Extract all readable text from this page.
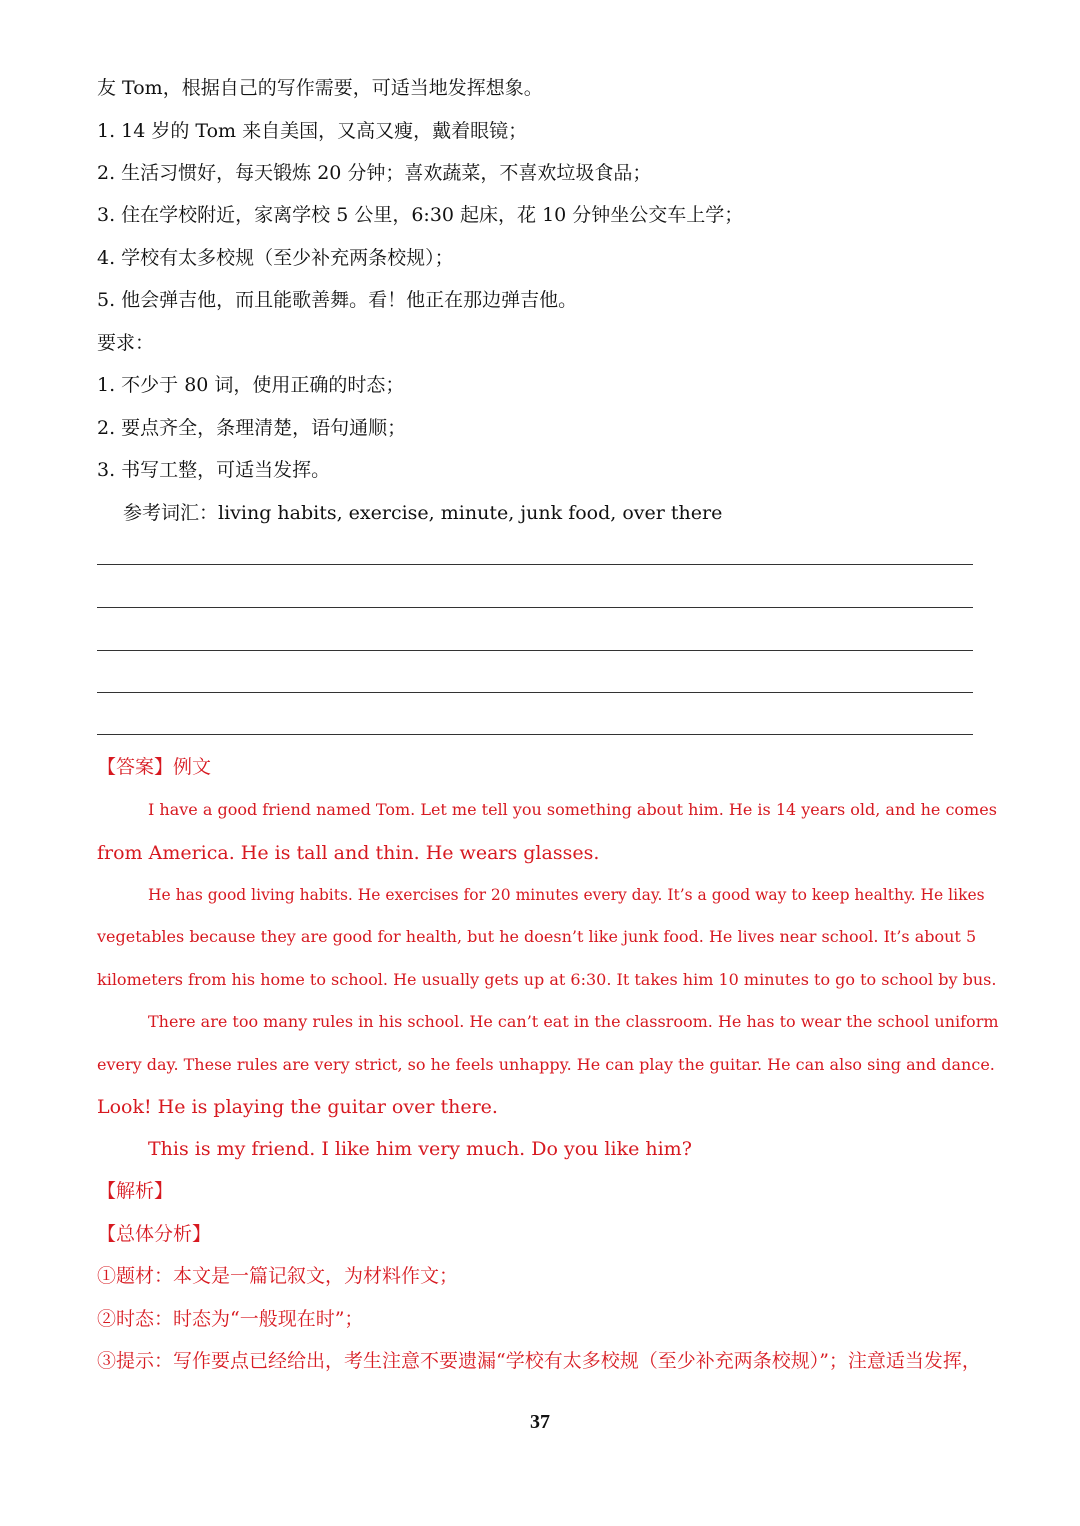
友 Tom，根据自己的写作需要，可适当地发挥想象。
1. 14 岁的 Tom 来自美国，又高又瘦，戴着眼镜；
2. 生活习惯好，每天锻炼 20 分钟；喜欢蔬菜，不喜欢垃圾食品；
3. 住在学校附近，家离学校 5 公里，6:30 起床，花 10 分钟坐公交车上学；
4. 学校有太多校规（至少补充两条校规）；
5. 他会弹吉他，而且能歌善舞。看！他正在那边弹吉他。
要求：
1. 不少于 80 词，使用正确的时态；
2. 要点齐全，条理清楚，语句通顺；
3. 书写工整，可适当发挥。
参考词汇：living habits, exercise, minute, junk food, over there
【答案】例文
I have a good friend named Tom. Let me tell you something about him. He is 14 years old, and he comes
from America. He is tall and thin. He wears glasses.
He has good living habits. He exercises for 20 minutes every day. It’s a good way to keep healthy. He likes
vegetables because they are good for health, but he doesn’t like junk food. He lives near school. It’s about 5
kilometers from his home to school. He usually gets up at 6:30. It takes him 10 minutes to go to school by bus.
There are too many rules in his school. He can’t eat in the classroom. He has to wear the school uniform
every day. These rules are very strict, so he feels unhappy. He can play the guitar. He can also sing and dance.
Look! He is playing the guitar over there.
This is my friend. I like him very much. Do you like him?
【解析】
【总体分析】
①题材：本文是一篇记叙文，为材料作文；
②时态：时态为“一般现在时”；
③提示：写作要点已经给出，考生注意不要遗漏“学校有太多校规（至少补充两条校规）”；注意适当发挥，
37
